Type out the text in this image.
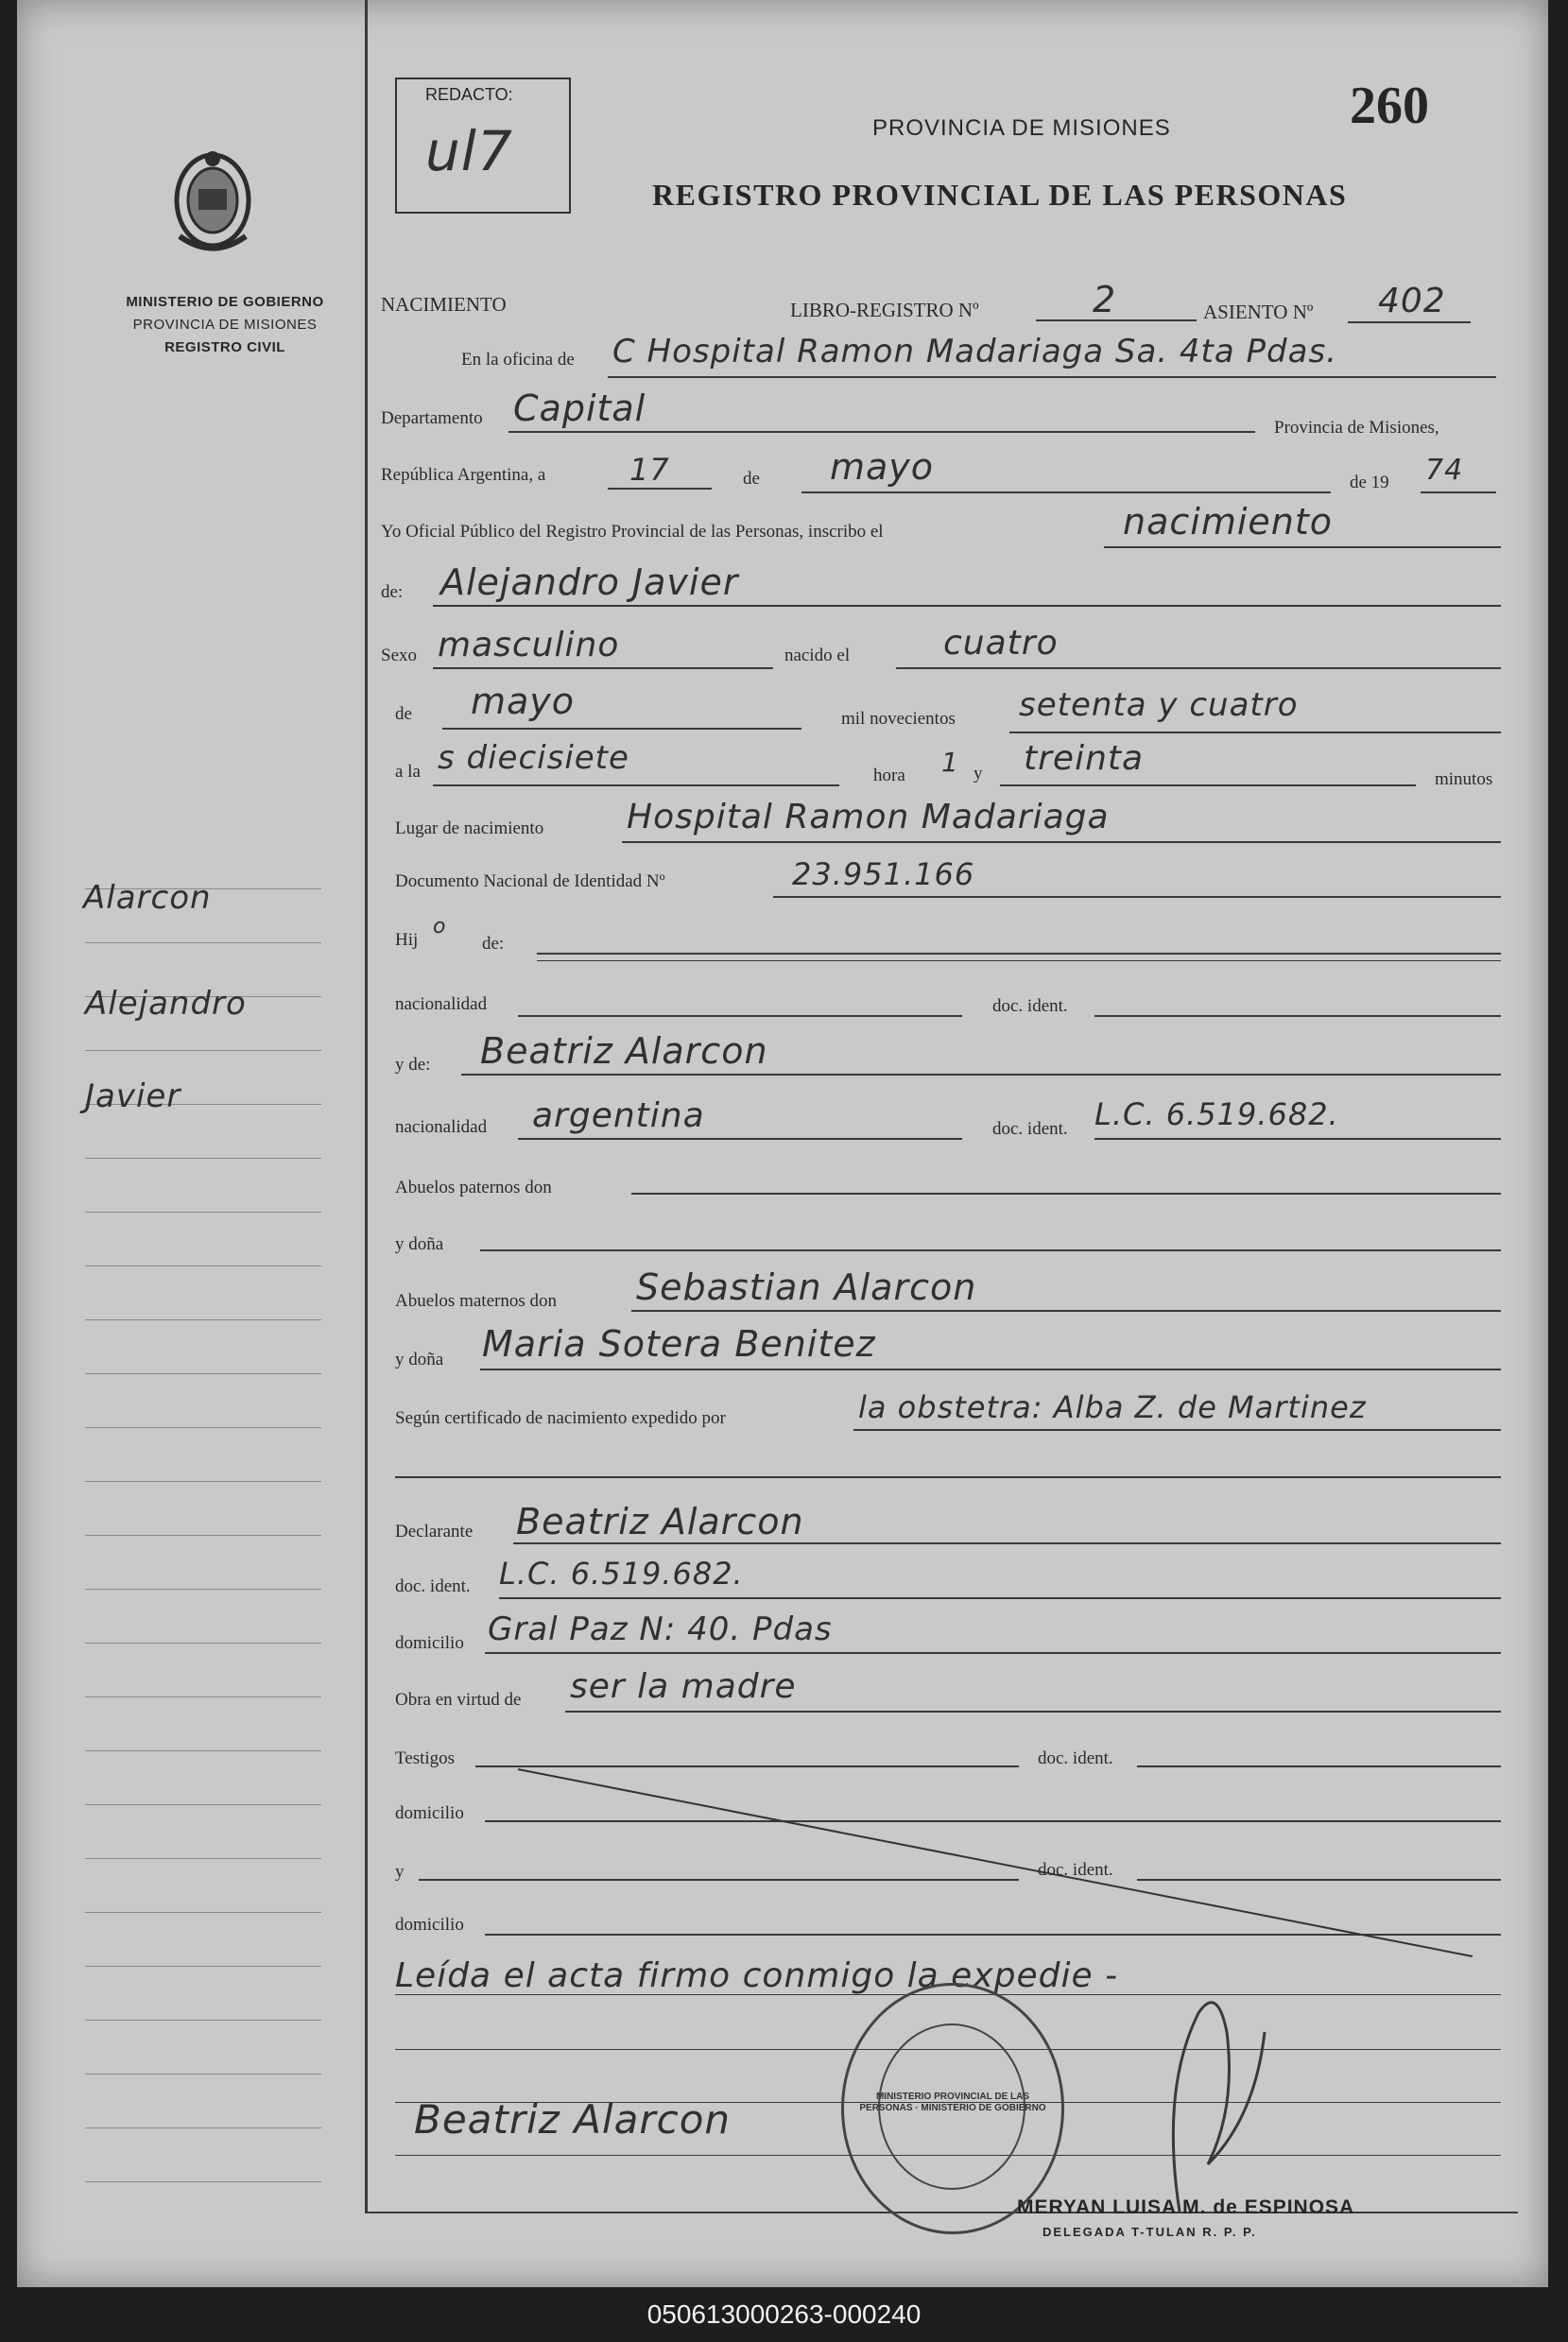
MINISTERIO DE GOBIERNO
PROVINCIA DE MISIONES
REGISTRO CIVIL
Alarcon
Alejandro
Javier
REDACTO:
ul7
260
PROVINCIA DE MISIONES
REGISTRO PROVINCIAL DE LAS PERSONAS
NACIMIENTO	LIBRO-REGISTRO Nº	2	ASIENTO Nº 402
En la oficina de C Hospital Ramon Madariaga Sa. 4ta Pdas.
Departamento Capital	Provincia de Misiones,
República Argentina, a	17	de mayo	de 19 74
Yo Oficial Público del Registro Provincial de las Personas, inscribo el	nacimiento
de: Alejandro Javier
Sexo masculino	nacido el	cuatro
de mayo	mil novecientos setenta y cuatro
a la s diecisiete	hora 1 y treinta
minutos
Lugar de nacimiento Hospital Ramon Madariaga
Documento Nacional de Identidad Nº	23.951.166
Hij
o
de:
nacionalidad	doc. ident.
y de: Beatriz Alarcon
nacionalidad argentina	doc. ident. L.C. 6.519.682.
Abuelos paternos don
y doña
Abuelos maternos don Sebastian Alarcon
y doña Maria Sotera Benitez
Según certificado de nacimiento expedido por	la obstetra: Alba Z. de Martinez
Declarante Beatriz Alarcon
doc. ident. L.C. 6.519.682.
domicilio Gral Paz N: 40. Pdas
Obra en virtud de ser la madre
Testigos	doc. ident.
domicilio
y	doc. ident.
domicilio
Leída el acta firmo conmigo la expedie -
MINISTERIO PROVINCIAL DE LAS PERSONAS · MINISTERIO DE GOBIERNO
Beatriz Alarcon
MERYAN LUISA M. de ESPINOSA
DELEGADA T-TULAN R. P. P.
050613000263-000240
